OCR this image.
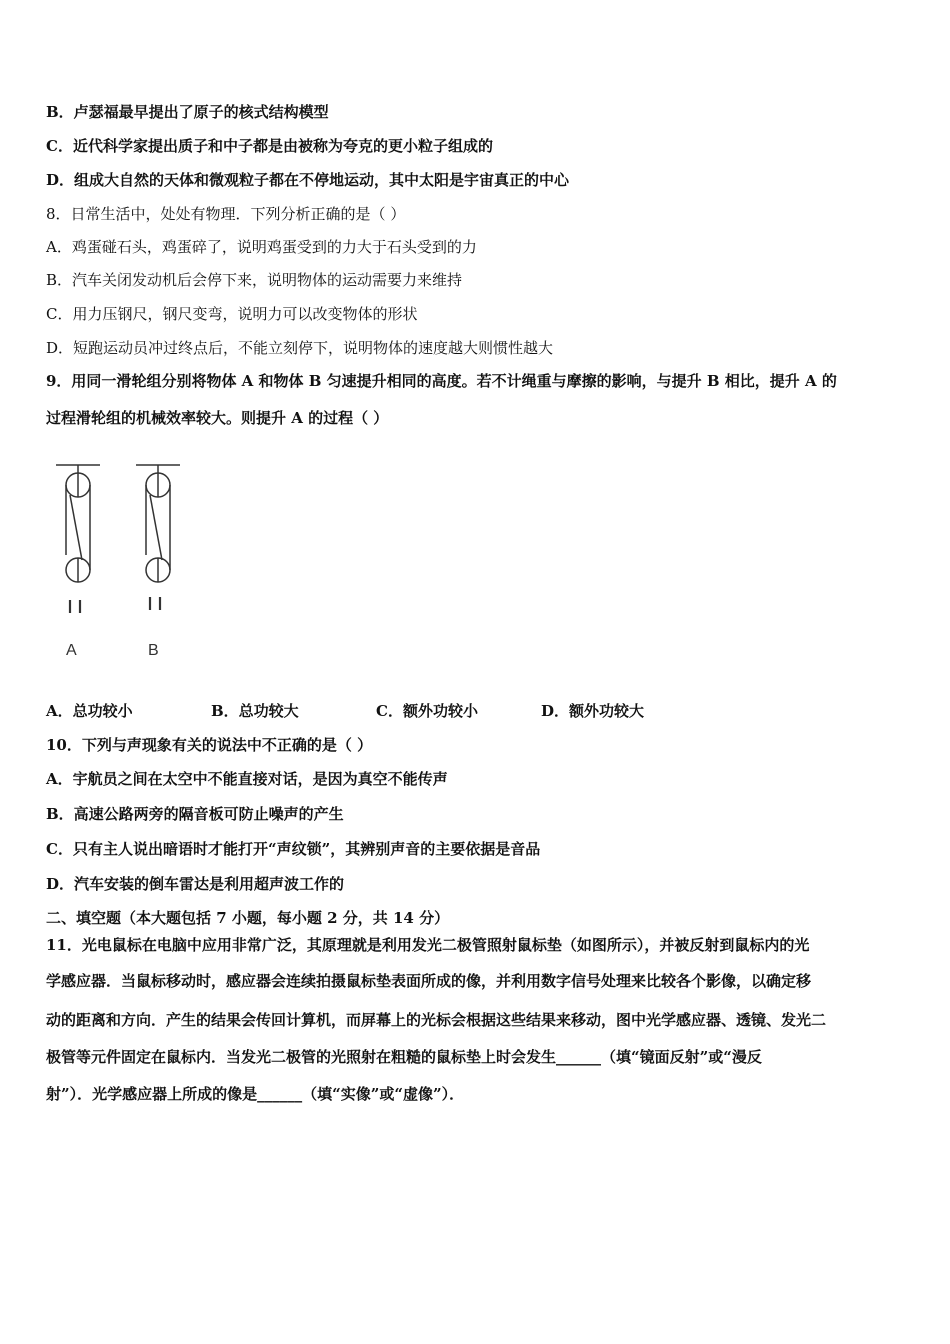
B．卢瑟福最早提出了原子的核式结构模型
C．近代科学家提出质子和中子都是由被称为夸克的更小粒子组成的
D．组成大自然的天体和微观粒子都在不停地运动，其中太阳是宇宙真正的中心
8．日常生活中，处处有物理．下列分析正确的是（ ）
A．鸡蛋碰石头，鸡蛋碎了，说明鸡蛋受到的力大于石头受到的力
B．汽车关闭发动机后会停下来，说明物体的运动需要力来维持
C．用力压钢尺，钢尺变弯，说明力可以改变物体的形状
D．短跑运动员冲过终点后，不能立刻停下，说明物体的速度越大则惯性越大
9．用同一滑轮组分别将物体 A 和物体 B 匀速提升相同的高度。若不计绳重与摩擦的影响，与提升 B 相比，提升 A 的
过程滑轮组的机械效率较大。则提升 A 的过程（ ）
A	B
A．总功较小	B．总功较大	C．额外功较小	D．额外功较大
10．下列与声现象有关的说法中不正确的是（ ）
A．宇航员之间在太空中不能直接对话，是因为真空不能传声
B．高速公路两旁的隔音板可防止噪声的产生
C．只有主人说出暗语时才能打开“声纹锁”，其辨别声音的主要依据是音品
D．汽车安装的倒车雷达是利用超声波工作的
二、填空题（本大题包括 7 小题，每小题 2 分，共 14 分）
11．光电鼠标在电脑中应用非常广泛，其原理就是利用发光二极管照射鼠标垫（如图所示），并被反射到鼠标内的光
学感应器．当鼠标移动时，感应器会连续拍摄鼠标垫表面所成的像，并利用数字信号处理来比较各个影像，以确定移
动的距离和方向．产生的结果会传回计算机，而屏幕上的光标会根据这些结果来移动，图中光学感应器、透镜、发光二
极管等元件固定在鼠标内．当发光二极管的光照射在粗糙的鼠标垫上时会发生______（填“镜面反射”或“漫反
射”）．光学感应器上所成的像是______（填“实像”或“虚像”）．
